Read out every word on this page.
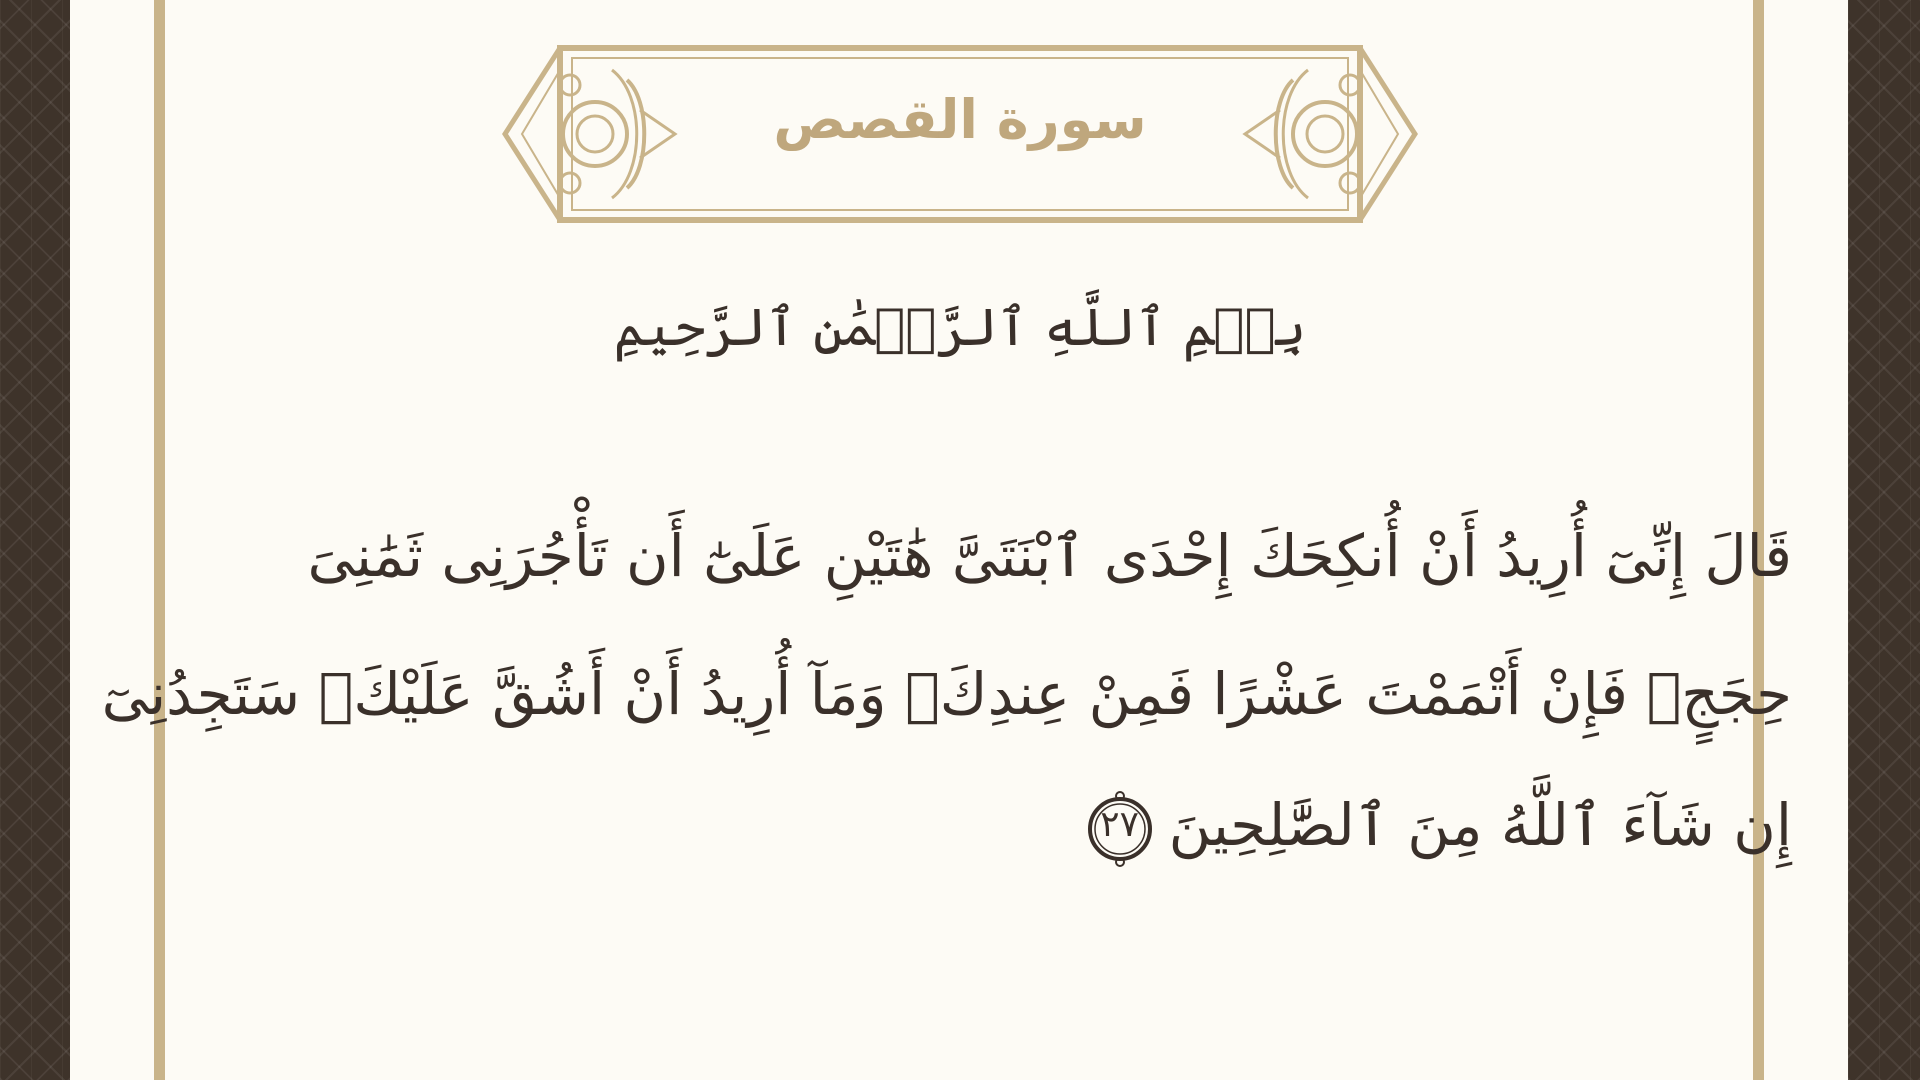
سورة القصص
بِسۡمِ ٱللَّهِ ٱلرَّحۡمَٰنِ ٱلرَّحِيمِ
قَالَ إِنِّىٓ أُرِيدُ أَنْ أُنكِحَكَ إِحْدَى ٱبْنَتَىَّ هَٰتَيْنِ عَلَىٰٓ أَن تَأْجُرَنِى ثَمَٰنِىَ
حِجَجٍۖ فَإِنْ أَتْمَمْتَ عَشْرًا فَمِنْ عِندِكَۖ وَمَآ أُرِيدُ أَنْ أَشُقَّ عَلَيْكَۚ سَتَجِدُنِىٓ
إِن شَآءَ ٱللَّهُ مِنَ ٱلصَّٰلِحِينَ
٢٧
